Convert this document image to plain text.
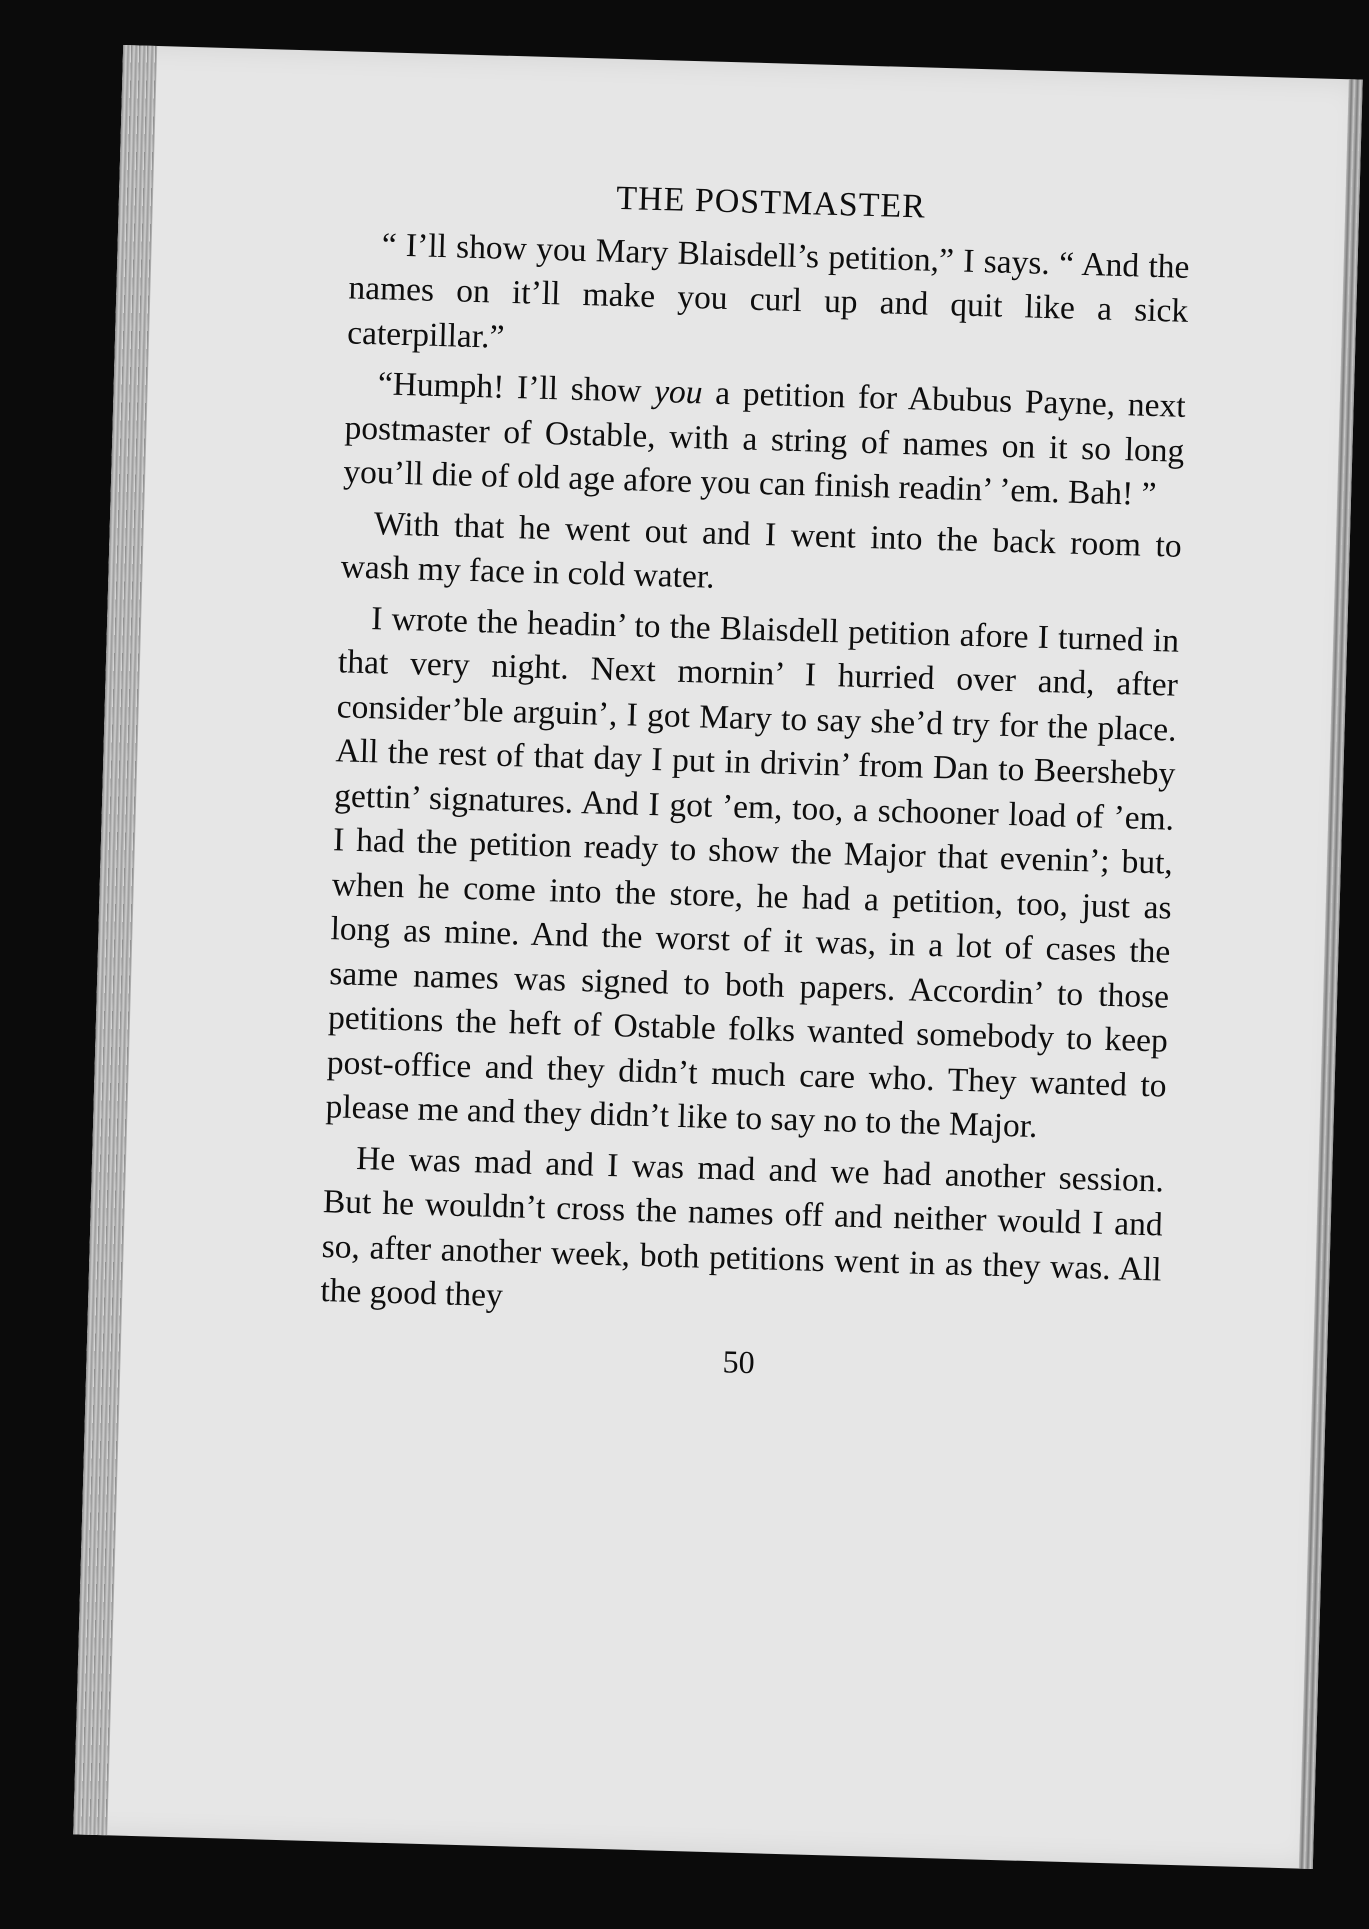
THE POSTMASTER

“ I’ll show you Mary Blaisdell’s petition,” I says. “ And the names on it’ll make you curl up and quit like a sick caterpillar.”

“Humph! I’ll show you a petition for Abubus Payne, next postmaster of Ostable, with a string of names on it so long you’ll die of old age afore you can finish readin’ ’em. Bah! ”

With that he went out and I went into the back room to wash my face in cold water.

I wrote the headin’ to the Blaisdell petition afore I turned in that very night. Next mornin’ I hurried over and, after consider’ble arguin’, I got Mary to say she’d try for the place. All the rest of that day I put in drivin’ from Dan to Beersheby gettin’ signatures. And I got ’em, too, a schooner load of ’em. I had the petition ready to show the Major that evenin’; but, when he come into the store, he had a petition, too, just as long as mine. And the worst of it was, in a lot of cases the same names was signed to both papers. Accordin’ to those petitions the heft of Ostable folks wanted somebody to keep post-office and they didn’t much care who. They wanted to please me and they didn’t like to say no to the Major.

He was mad and I was mad and we had another session. But he wouldn’t cross the names off and neither would I and so, after another week, both petitions went in as they was. All the good they

50
